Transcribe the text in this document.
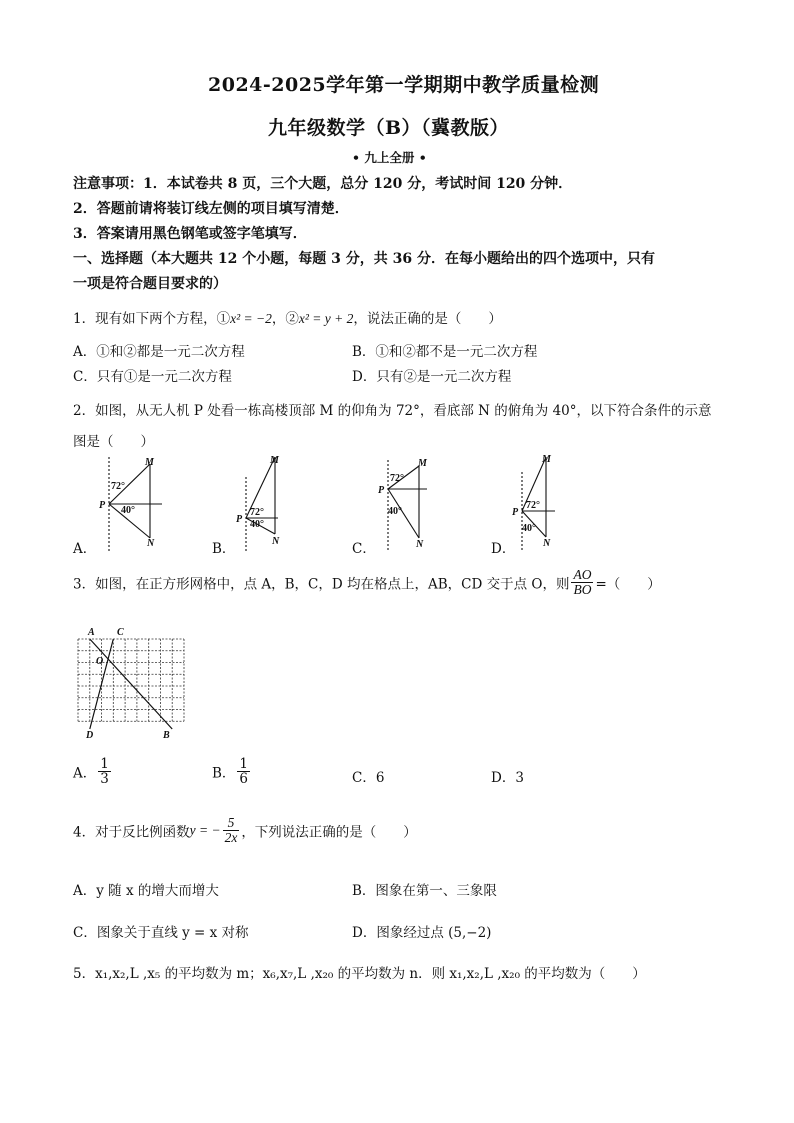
2024-2025学年第一学期期中教学质量检测
九年级数学（B）（冀教版）
• 九上全册 •
注意事项：1．本试卷共 8 页，三个大题，总分 120 分，考试时间 120 分钟．
2．答题前请将装订线左侧的项目填写清楚．
3．答案请用黑色钢笔或签字笔填写．
一、选择题（本大题共 12 个小题，每题 3 分，共 36 分．在每小题给出的四个选项中，只有
一项是符合题目要求的）
1．现有如下两个方程，①x² = −2，②x² = y + 2，说法正确的是（　　）
A．①和②都是一元二次方程	B．①和②都不是一元二次方程
C．只有①是一元二次方程	D．只有②是一元二次方程
2．如图，从无人机 P 处看一栋高楼顶部 M 的仰角为 72°，看底部 N 的俯角为 40°，以下符合条件的示意
图是（　　）
M
P
N
72°
40°
M
P
N
72°
40°
M
P
N
72°
40°
M
P
N
72°
40°
A．	B．	C．	D．
3．如图，在正方形网格中，点 A，B，C，D 均在格点上，AB，CD 交于点 O，则 $\frac{AO}{BO}$ =（　　）
A C
O
D	B
A． $\frac{1}{3}$	B． $\frac{1}{6}$	C．6	D．3
4．对于反比例函数y = − $\frac{5}{2x}$ ，下列说法正确的是（　　）
A．y 随 x 的增大而增大	B．图象在第一、三象限
C．图象关于直线 y = x 对称	D．图象经过点 (5,−2)
5．x₁,x₂,L ,x₅ 的平均数为 m；x₆,x₇,L ,x₂₀ 的平均数为 n．则 x₁,x₂,L ,x₂₀ 的平均数为（　　）
